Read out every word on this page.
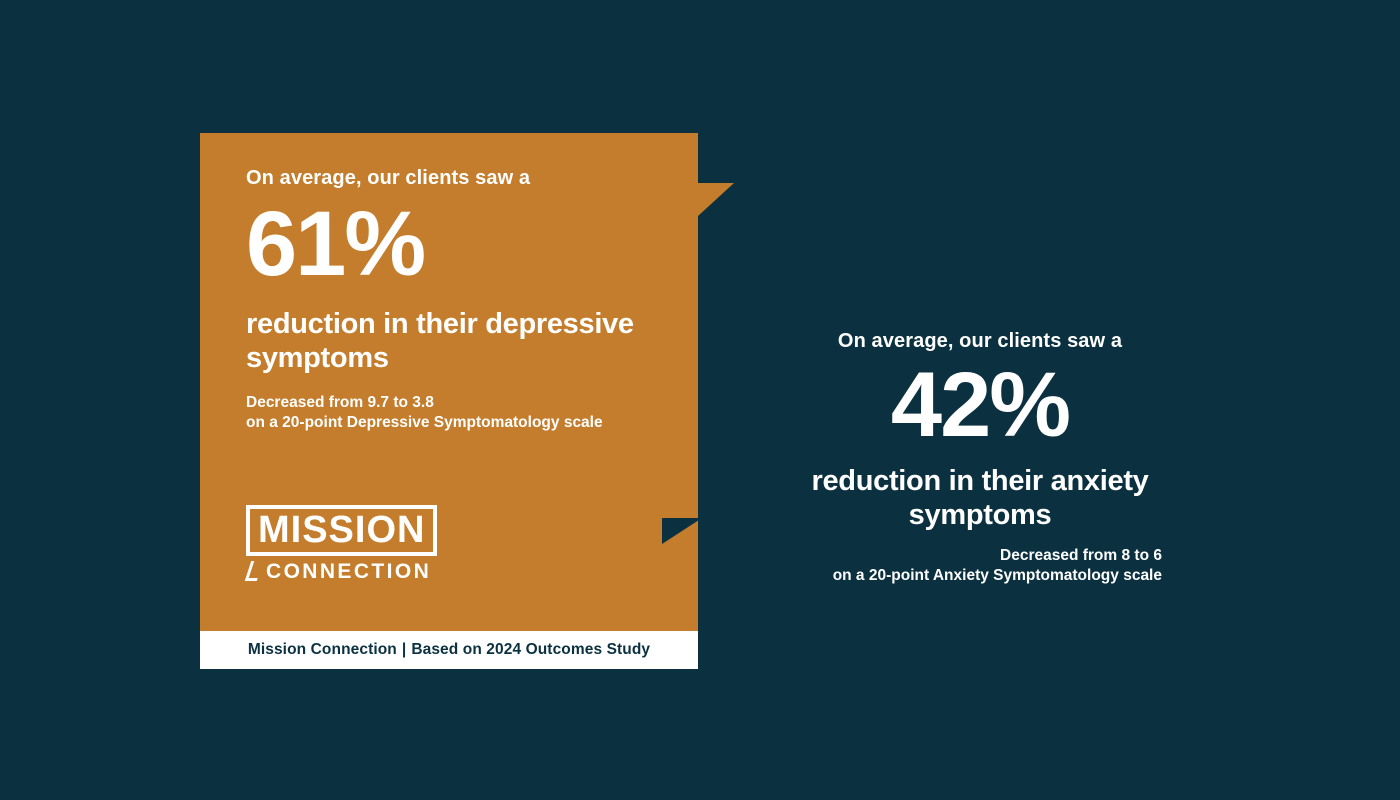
On average, our clients saw a

61%
reduction in their depressive symptoms

Decreased from 9.7 to 3.8
on a 20-point Depressive Symptomatology scale

MISSION
CONNECTION
Mission Connection | Based on 2024 Outcomes Study

On average, our clients saw a

42%
reduction in their anxiety symptoms

Decreased from 8 to 6
on a 20-point Anxiety Symptomatology scale
